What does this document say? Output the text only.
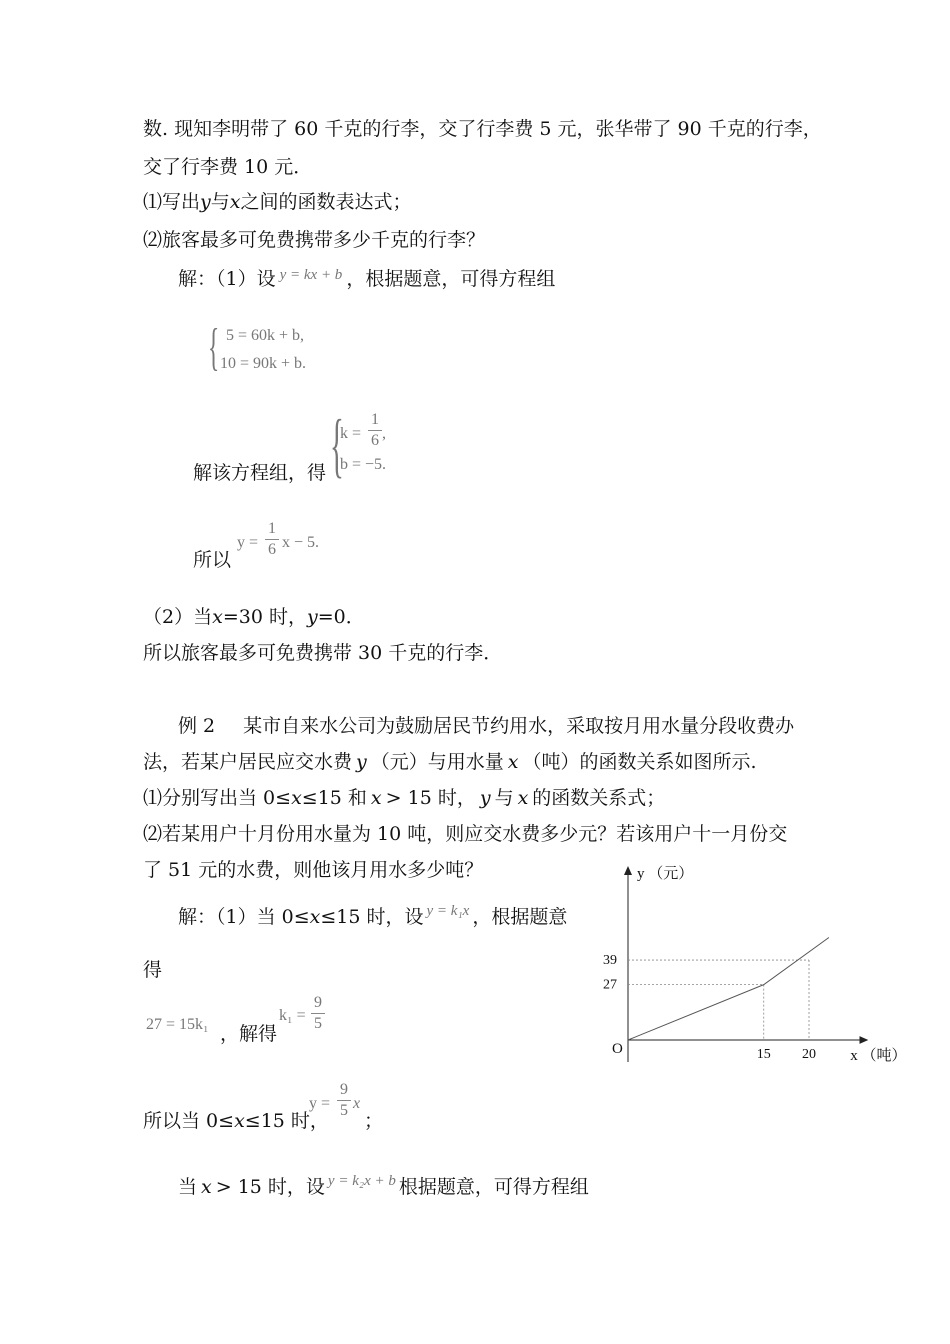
数. 现知李明带了 60 千克的行李，交了行李费 5 元，张华带了 90 千克的行李，
交了行李费 10 元．
⑴写出y与x之间的函数表达式；
⑵旅客最多可免费携带多少千克的行李？
解：（1）设 $^{y = kx + b}$ ，根据题意，可得方程组
{ 5 = 60k + b,
10 = 90k + b.
{
k =
1
6 ,
b = −5.
解该方程组，得
所以
y =
1
6 x − 5.
（2）当x=30 时，y=0．
所以旅客最多可免费携带 30 千克的行李．
例 2 某市自来水公司为鼓励居民节约用水，采取按月用水量分段收费办
法，若某户居民应交水费 y （元）与用水量 x （吨）的函数关系如图所示.
⑴分别写出当 0≤x≤15 和 x > 15 时， y 与 x 的函数关系式；
⑵若某用户十月份用水量为 10 吨，则应交水费多少元？若该用户十一月份交
了 51 元的水费，则他该月用水多少吨？
解：（1）当 0≤x≤15 时，设 $^{y = k_1x}$ ，根据题意
得
27 = 15k₁ ，解得
k₁ =
9
5
所以当 0≤x≤15 时，
y =
9
5 x
；
当 x > 15 时，设 $^{y = k_2x + b}$ 根据题意，可得方程组
15 20
27
39
O
y （元）
x （吨）
